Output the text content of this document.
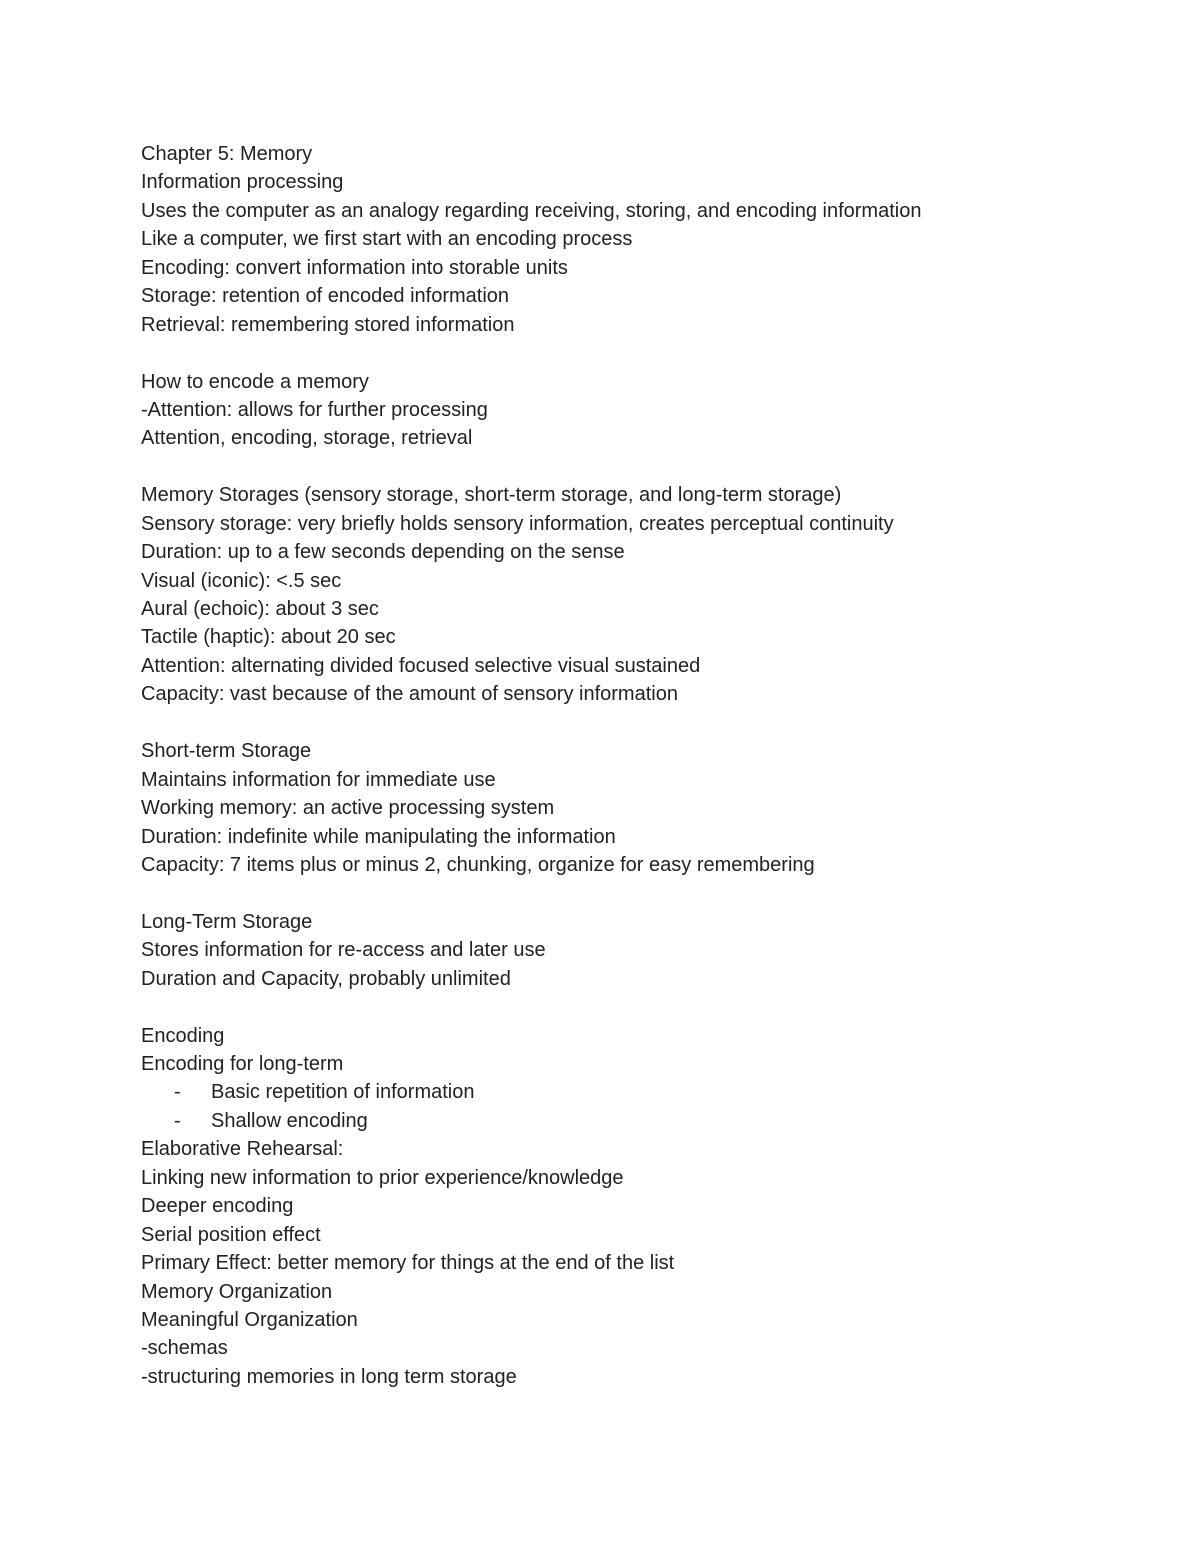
Chapter 5: Memory
Information processing
Uses the computer as an analogy regarding receiving, storing, and encoding information
Like a computer, we first start with an encoding process
Encoding: convert information into storable units
Storage: retention of encoded information
Retrieval: remembering stored information
How to encode a memory
-Attention: allows for further processing
Attention, encoding, storage, retrieval
Memory Storages (sensory storage, short-term storage, and long-term storage)
Sensory storage: very briefly holds sensory information, creates perceptual continuity
Duration: up to a few seconds depending on the sense
Visual (iconic): <.5 sec
Aural (echoic): about 3 sec
Tactile (haptic): about 20 sec
Attention: alternating divided focused selective visual sustained
Capacity: vast because of the amount of sensory information
Short-term Storage
Maintains information for immediate use
Working memory: an active processing system
Duration: indefinite while manipulating the information
Capacity: 7 items plus or minus 2, chunking, organize for easy remembering
Long-Term Storage
Stores information for re-access and later use
Duration and Capacity, probably unlimited
Encoding
Encoding for long-term

-

Basic repetition of information

-

Shallow encoding

Elaborative Rehearsal:
Linking new information to prior experience/knowledge
Deeper encoding
Serial position effect
Primary Effect: better memory for things at the end of the list
Memory Organization
Meaningful Organization
-schemas
-structuring memories in long term storage
